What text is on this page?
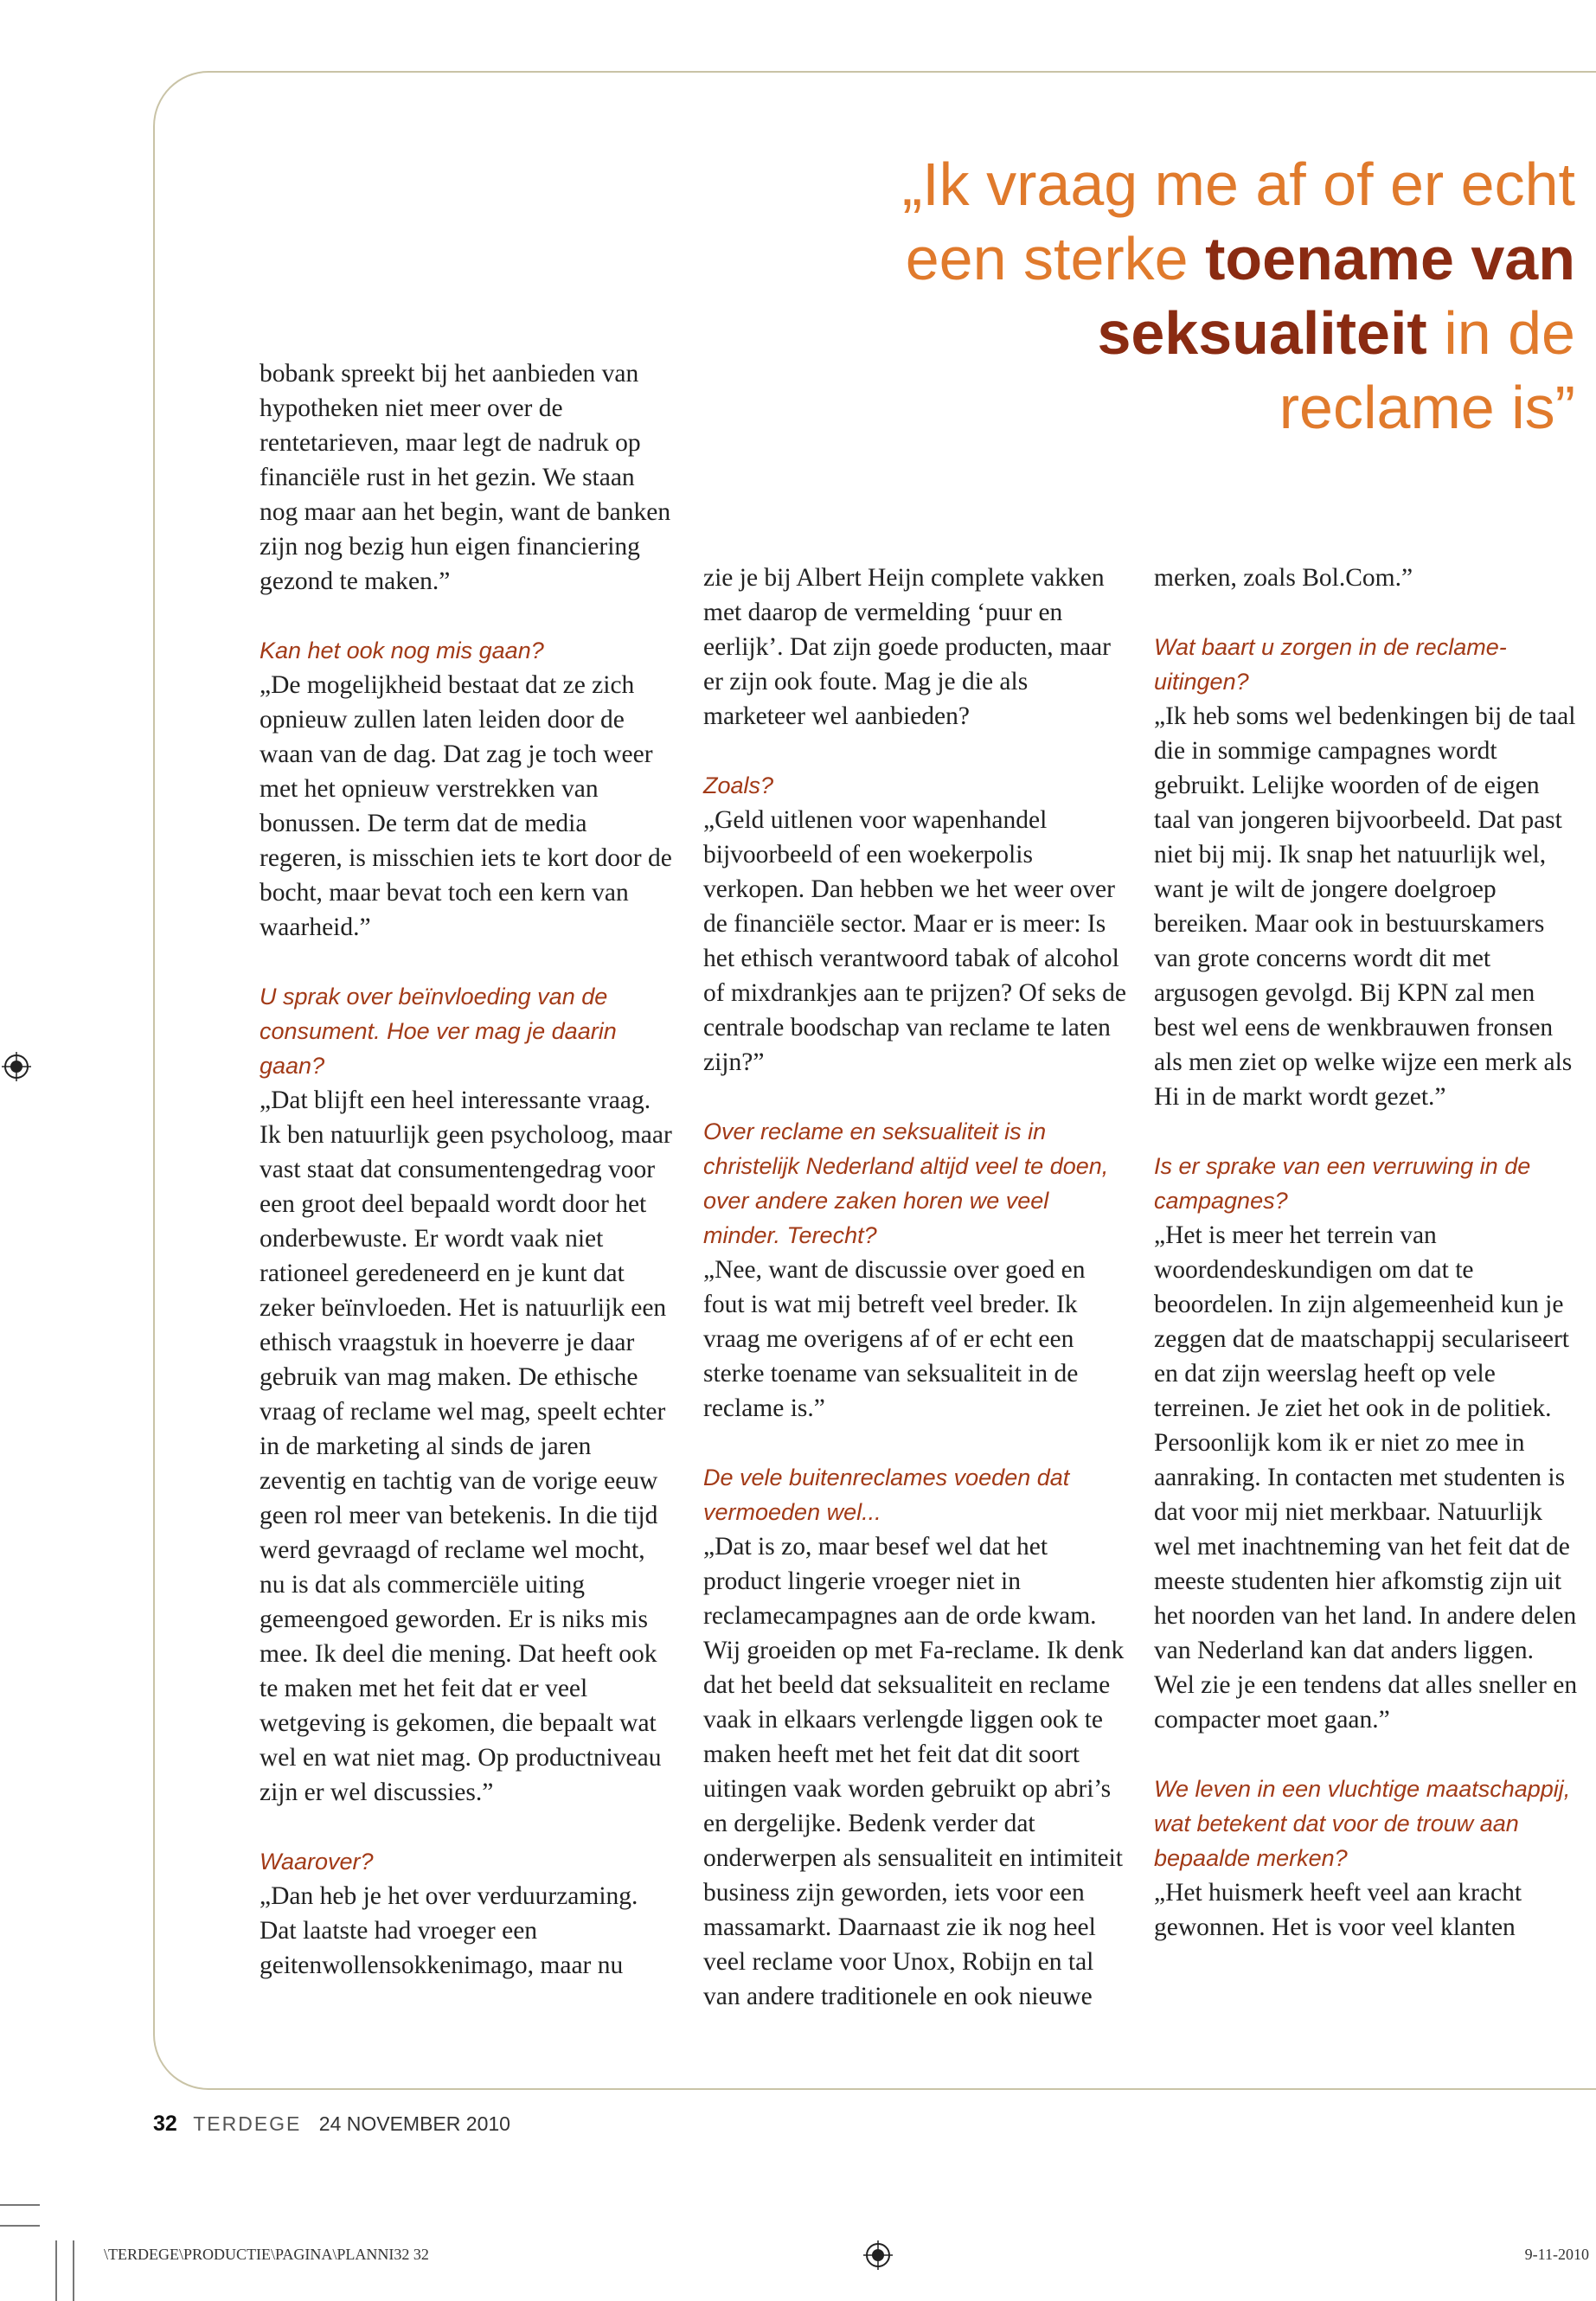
„Ik vraag me af of er echt
een sterke toename van
seksualiteit in de
reclame is”

bobank spreekt bij het aanbieden van hypotheken niet meer over de rentetarieven, maar legt de nadruk op financiële rust in het gezin. We staan nog maar aan het begin, want de banken zijn nog bezig hun eigen financiering gezond te maken.”

Kan het ook nog mis gaan?

„De mogelijkheid bestaat dat ze zich opnieuw zullen laten leiden door de waan van de dag. Dat zag je toch weer met het opnieuw verstrekken van bonussen. De term dat de media regeren, is misschien iets te kort door de bocht, maar bevat toch een kern van waarheid.”

U sprak over beïnvloeding van de consument. Hoe ver mag je daarin gaan?

„Dat blijft een heel interessante vraag. Ik ben natuurlijk geen psycholoog, maar vast staat dat consumentengedrag voor een groot deel bepaald wordt door het onderbewuste. Er wordt vaak niet rationeel geredeneerd en je kunt dat zeker beïnvloeden. Het is natuurlijk een ethisch vraagstuk in hoeverre je daar gebruik van mag maken. De ethische vraag of reclame wel mag, speelt echter in de marketing al sinds de jaren zeventig en tachtig van de vorige eeuw geen rol meer van betekenis. In die tijd werd gevraagd of reclame wel mocht, nu is dat als commerciële uiting gemeengoed geworden. Er is niks mis mee. Ik deel die mening. Dat heeft ook te maken met het feit dat er veel wetgeving is gekomen, die bepaalt wat wel en wat niet mag. Op productniveau zijn er wel discussies.”

Waarover?

„Dan heb je het over verduurzaming. Dat laatste had vroeger een geitenwollensokkenimago, maar nu

zie je bij Albert Heijn complete vakken met daarop de vermelding ‘puur en eerlijk’. Dat zijn goede producten, maar er zijn ook foute. Mag je die als marketeer wel aanbieden?

Zoals?

„Geld uitlenen voor wapenhandel bijvoorbeeld of een woekerpolis verkopen. Dan hebben we het weer over de financiële sector. Maar er is meer: Is het ethisch verantwoord tabak of alcohol of mixdrankjes aan te prijzen? Of seks de centrale boodschap van reclame te laten zijn?”

Over reclame en seksualiteit is in christelijk Nederland altijd veel te doen, over andere zaken horen we veel minder. Terecht?

„Nee, want de discussie over goed en fout is wat mij betreft veel breder. Ik vraag me overigens af of er echt een sterke toename van seksualiteit in de reclame is.”

De vele buitenreclames voeden dat vermoeden wel...

„Dat is zo, maar besef wel dat het product lingerie vroeger niet in reclamecampagnes aan de orde kwam. Wij groeiden op met Fa-reclame. Ik denk dat het beeld dat seksualiteit en reclame vaak in elkaars verlengde liggen ook te maken heeft met het feit dat dit soort uitingen vaak worden gebruikt op abri’s en dergelijke. Bedenk verder dat onderwerpen als sensualiteit en intimiteit business zijn geworden, iets voor een massamarkt. Daarnaast zie ik nog heel veel reclame voor Unox, Robijn en tal van andere traditionele en ook nieuwe

merken, zoals Bol.Com.”

Wat baart u zorgen in de reclame-uitingen?

„Ik heb soms wel bedenkingen bij de taal die in sommige campagnes wordt gebruikt. Lelijke woorden of de eigen taal van jongeren bijvoorbeeld. Dat past niet bij mij. Ik snap het natuurlijk wel, want je wilt de jongere doelgroep bereiken. Maar ook in bestuurskamers van grote concerns wordt dit met argusogen gevolgd. Bij KPN zal men best wel eens de wenkbrauwen fronsen als men ziet op welke wijze een merk als Hi in de markt wordt gezet.”

Is er sprake van een verruwing in de campagnes?

„Het is meer het terrein van woordendeskundigen om dat te beoordelen. In zijn algemeenheid kun je zeggen dat de maatschappij seculariseert en dat zijn weerslag heeft op vele terreinen. Je ziet het ook in de politiek. Persoonlijk kom ik er niet zo mee in aanraking. In contacten met studenten is dat voor mij niet merkbaar. Natuurlijk wel met inachtneming van het feit dat de meeste studenten hier afkomstig zijn uit het noorden van het land. In andere delen van Nederland kan dat anders liggen. Wel zie je een tendens dat alles sneller en compacter moet gaan.”

We leven in een vluchtige maatschappij, wat betekent dat voor de trouw aan bepaalde merken?

„Het huismerk heeft veel aan kracht gewonnen. Het is voor veel klanten

32 TERDEGE 24 NOVEMBER 2010
\TERDEGE\PRODUCTIE\PAGINA\PLANNI32 32	9-11-2010
